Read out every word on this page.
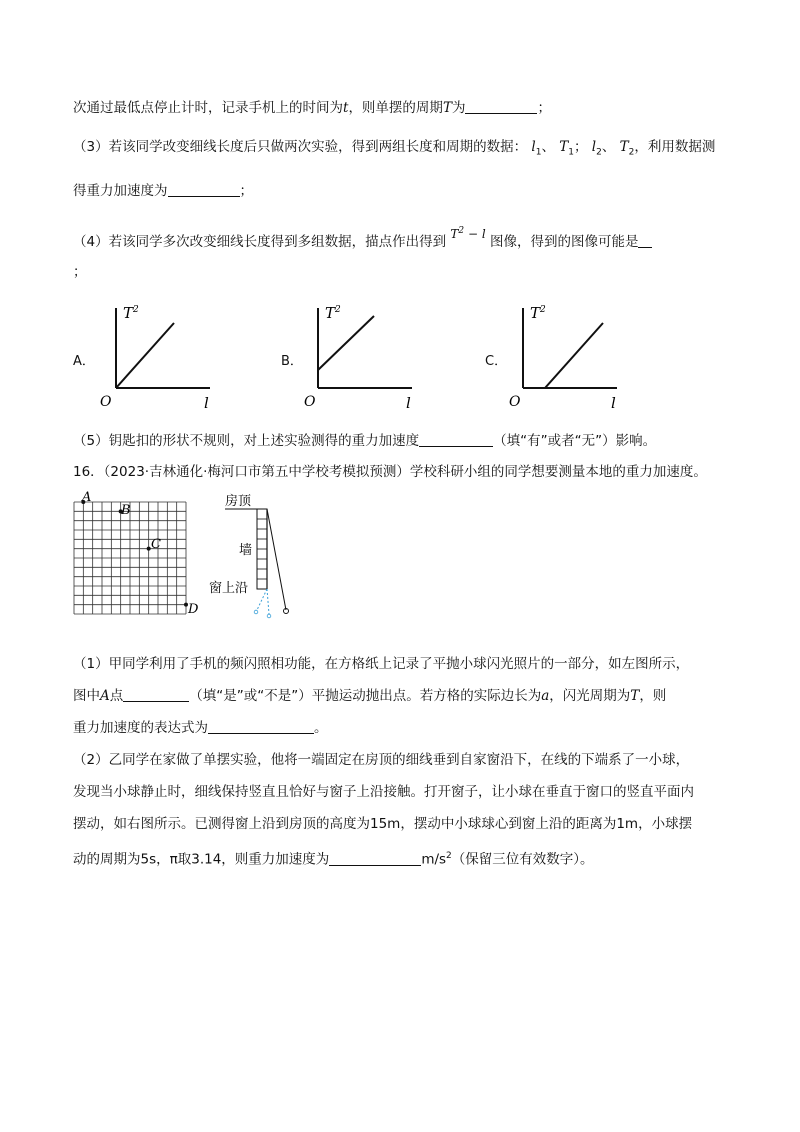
次通过最低点停止计时，记录手机上的时间为t，则单摆的周期T为	；
（3）若该同学改变细线长度后只做两次实验，得到两组长度和周期的数据： $l_1$、 $T_1$； $l_2$、 $T_2$，利用数据测
得重力加速度为	；
（4）若该同学多次改变细线长度得到多组数据，描点作出得到 $T^2 - l$ 图像，得到的图像可能是
；
A．
$T^2$
O	l
B．
$T^2$
O	l
C．
$T^2$
O	l
（5）钥匙扣的形状不规则，对上述实验测得的重力加速度	（填“有”或者“无”）影响。
16．（2023·吉林通化·梅河口市第五中学校考模拟预测）学校科研小组的同学想要测量本地的重力加速度。
A
B
C
D
房顶
墙
窗上沿
（1）甲同学利用了手机的频闪照相功能，在方格纸上记录了平抛小球闪光照片的一部分，如左图所示，
图中A点	（填“是”或“不是”）平抛运动抛出点。若方格的实际边长为a，闪光周期为T，则
重力加速度的表达式为	。
（2）乙同学在家做了单摆实验，他将一端固定在房顶的细线垂到自家窗沿下，在线的下端系了一小球，
发现当小球静止时，细线保持竖直且恰好与窗子上沿接触。打开窗子，让小球在垂直于窗口的竖直平面内
摆动，如右图所示。已测得窗上沿到房顶的高度为15m，摆动中小球球心到窗上沿的距离为1m，小球摆
动的周期为5s，π取3.14，则重力加速度为	$m/s^2$（保留三位有效数字）。
